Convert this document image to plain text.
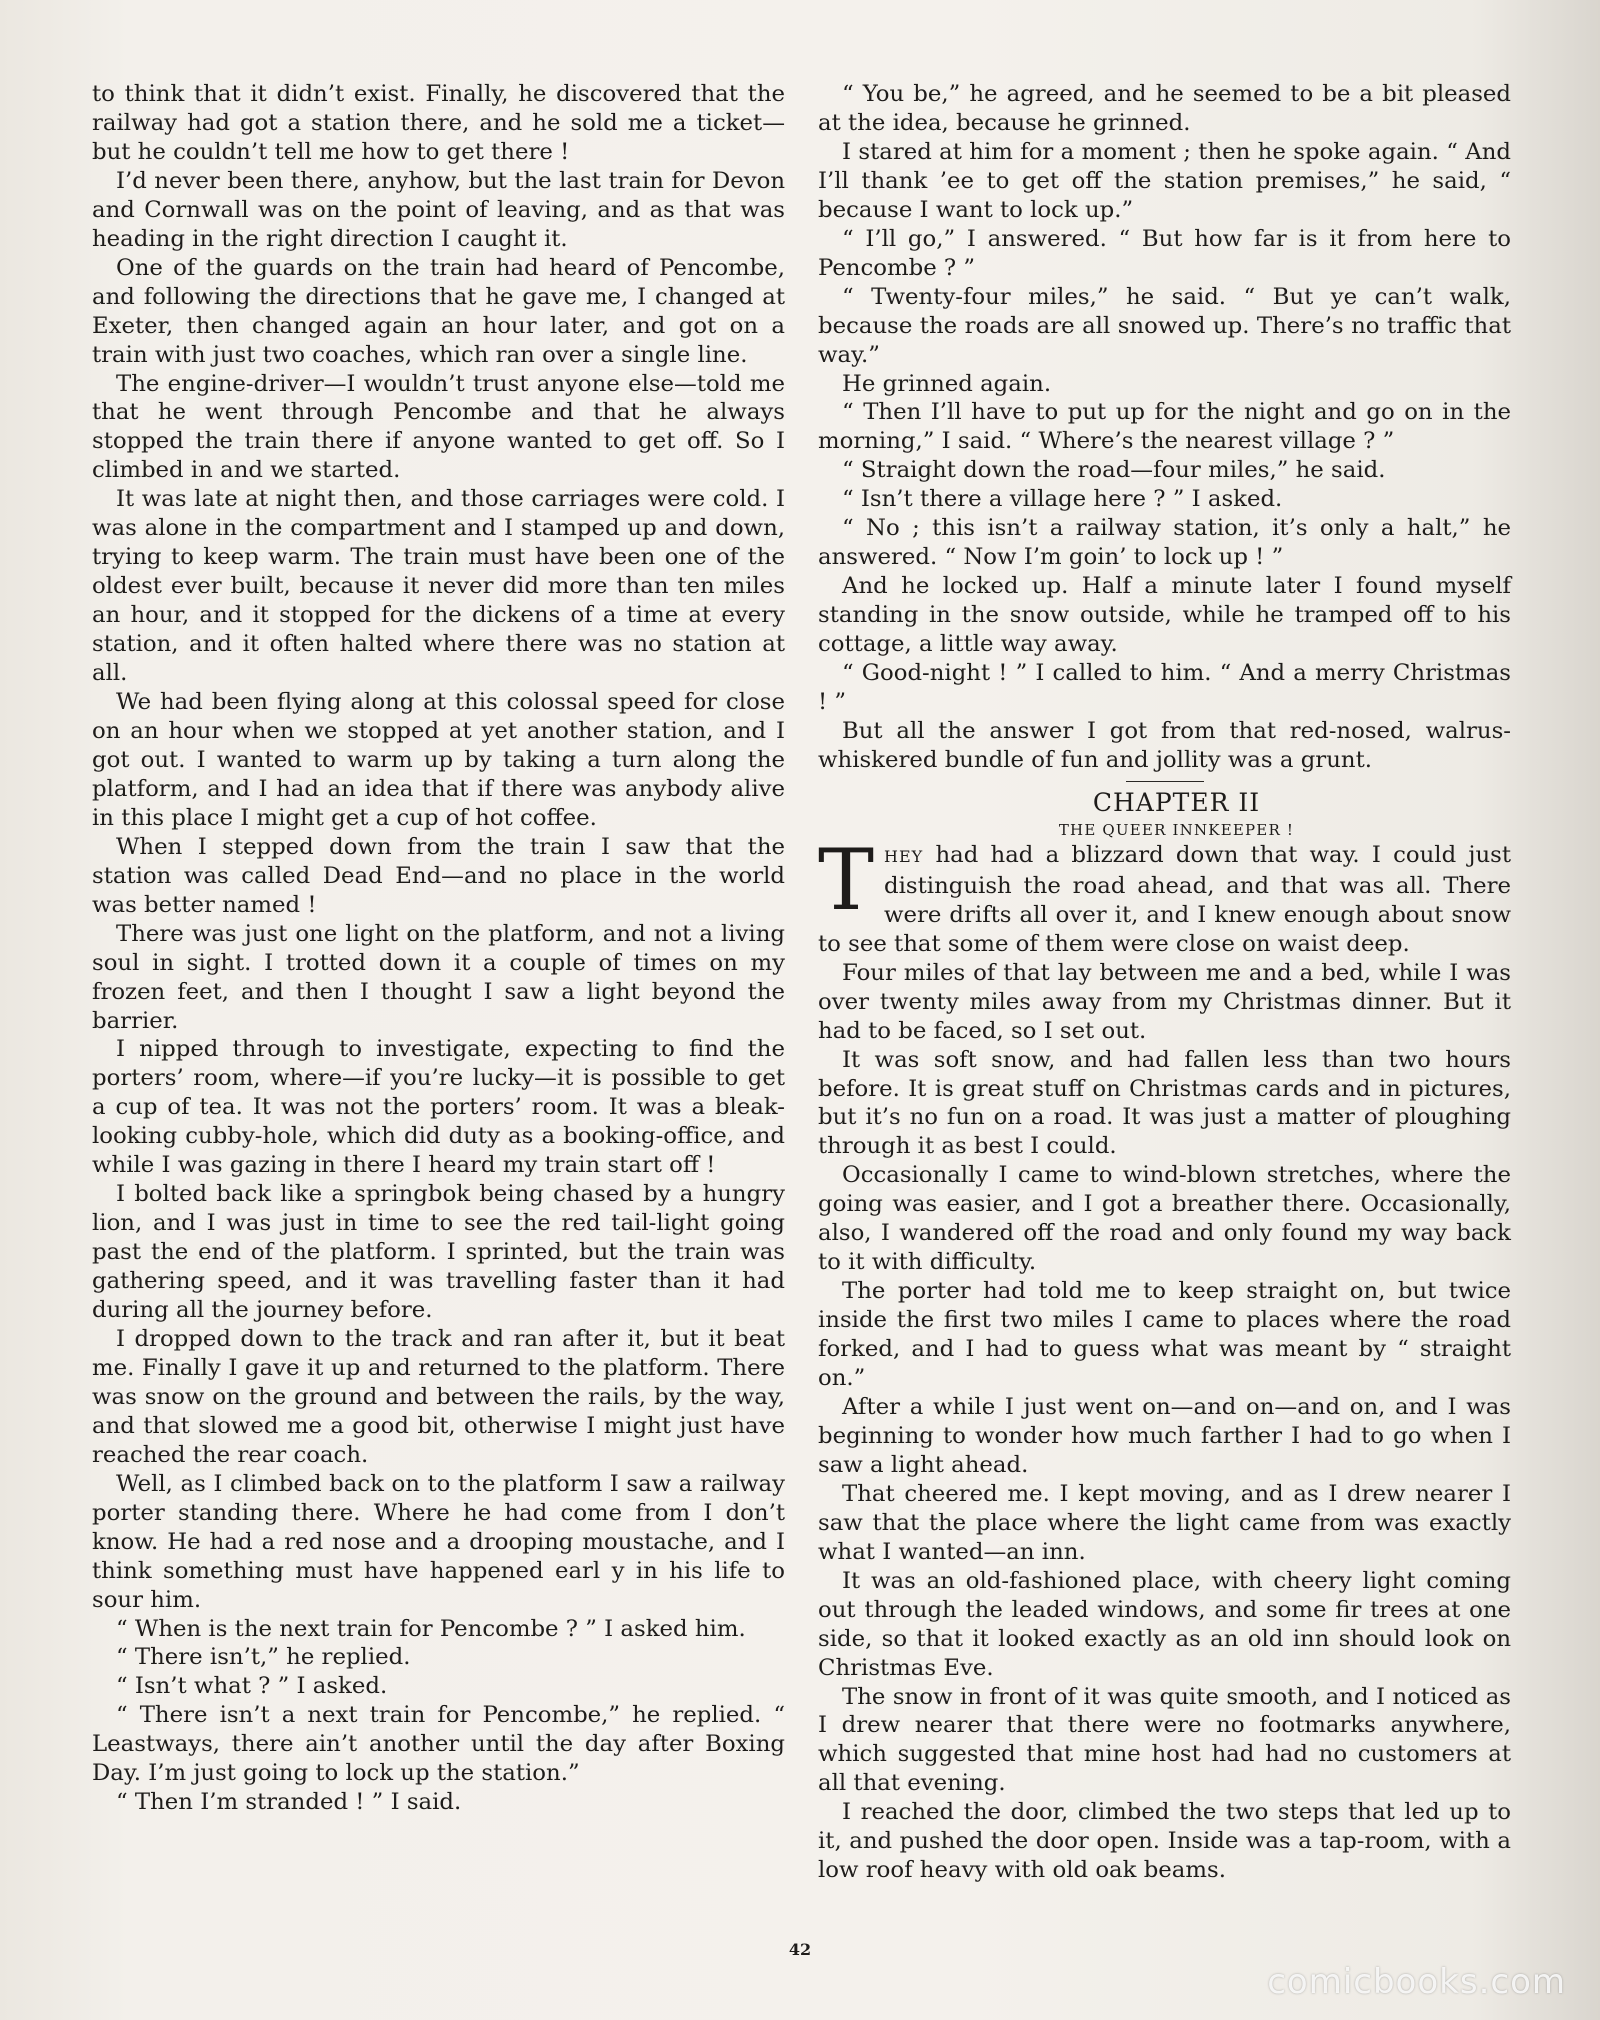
to think that it didn’t exist. Finally, he discovered that the railway had got a station there, and he sold me a ticket—but he couldn’t tell me how to get there !

I’d never been there, anyhow, but the last train for Devon and Cornwall was on the point of leaving, and as that was heading in the right direction I caught it.

One of the guards on the train had heard of Pencombe, and following the directions that he gave me, I changed at Exeter, then changed again an hour later, and got on a train with just two coaches, which ran over a single line.

The engine-driver—I wouldn’t trust anyone else—told me that he went through Pencombe and that he always stopped the train there if anyone wanted to get off. So I climbed in and we started.

It was late at night then, and those carriages were cold. I was alone in the compartment and I stamped up and down, trying to keep warm. The train must have been one of the oldest ever built, because it never did more than ten miles an hour, and it stopped for the dickens of a time at every station, and it often halted where there was no station at all.

We had been flying along at this colossal speed for close on an hour when we stopped at yet another station, and I got out. I wanted to warm up by taking a turn along the platform, and I had an idea that if there was anybody alive in this place I might get a cup of hot coffee.

When I stepped down from the train I saw that the station was called Dead End—and no place in the world was better named !

There was just one light on the platform, and not a living soul in sight. I trotted down it a couple of times on my frozen feet, and then I thought I saw a light beyond the barrier.

I nipped through to investigate, expecting to find the porters’ room, where—if you’re lucky—it is possible to get a cup of tea. It was not the porters’ room. It was a bleak-looking cubby-hole, which did duty as a booking-office, and while I was gazing in there I heard my train start off !

I bolted back like a springbok being chased by a hungry lion, and I was just in time to see the red tail-light going past the end of the platform. I sprinted, but the train was gathering speed, and it was travelling faster than it had during all the journey before.

I dropped down to the track and ran after it, but it beat me. Finally I gave it up and returned to the platform. There was snow on the ground and between the rails, by the way, and that slowed me a good bit, otherwise I might just have reached the rear coach.

Well, as I climbed back on to the platform I saw a railway porter standing there. Where he had come from I don’t know. He had a red nose and a drooping moustache, and I think something must have happened earl y in his life to sour him.

“ When is the next train for Pencombe ? ” I asked him.

“ There isn’t,” he replied.

“ Isn’t what ? ” I asked.

“ There isn’t a next train for Pencombe,” he replied. “ Leastways, there ain’t another until the day after Boxing Day. I’m just going to lock up the station.”

“ Then I’m stranded ! ” I said.

“ You be,” he agreed, and he seemed to be a bit pleased at the idea, because he grinned.

I stared at him for a moment ; then he spoke again. “ And I’ll thank ’ee to get off the station premises,” he said, “ because I want to lock up.”

“ I’ll go,” I answered. “ But how far is it from here to Pencombe ? ”

“ Twenty-four miles,” he said. “ But ye can’t walk, because the roads are all snowed up. There’s no traffic that way.”

He grinned again.

“ Then I’ll have to put up for the night and go on in the morning,” I said. “ Where’s the nearest village ? ”

“ Straight down the road—four miles,” he said.

“ Isn’t there a village here ? ” I asked.

“ No ; this isn’t a railway station, it’s only a halt,” he answered. “ Now I’m goin’ to lock up ! ”

And he locked up. Half a minute later I found myself standing in the snow outside, while he tramped off to his cottage, a little way away.

“ Good-night ! ” I called to him. “ And a merry Christmas ! ”

But all the answer I got from that red-nosed, walrus-whiskered bundle of fun and jollity was a grunt.

CHAPTER II

THE QUEER INNKEEPER !

THEY had had a blizzard down that way. I could just distinguish the road ahead, and that was all. There were drifts all over it, and I knew enough about snow to see that some of them were close on waist deep.

Four miles of that lay between me and a bed, while I was over twenty miles away from my Christmas dinner. But it had to be faced, so I set out.

It was soft snow, and had fallen less than two hours before. It is great stuff on Christmas cards and in pictures, but it’s no fun on a road. It was just a matter of ploughing through it as best I could.

Occasionally I came to wind-blown stretches, where the going was easier, and I got a breather there. Occasionally, also, I wandered off the road and only found my way back to it with difficulty.

The porter had told me to keep straight on, but twice inside the first two miles I came to places where the road forked, and I had to guess what was meant by “ straight on.”

After a while I just went on—and on—and on, and I was beginning to wonder how much farther I had to go when I saw a light ahead.

That cheered me. I kept moving, and as I drew nearer I saw that the place where the light came from was exactly what I wanted—an inn.

It was an old-fashioned place, with cheery light coming out through the leaded windows, and some fir trees at one side, so that it looked exactly as an old inn should look on Christmas Eve.

The snow in front of it was quite smooth, and I noticed as I drew nearer that there were no footmarks anywhere, which suggested that mine host had had no customers at all that evening.

I reached the door, climbed the two steps that led up to it, and pushed the door open. Inside was a tap-room, with a low roof heavy with old oak beams.

42
comicbooks.com
